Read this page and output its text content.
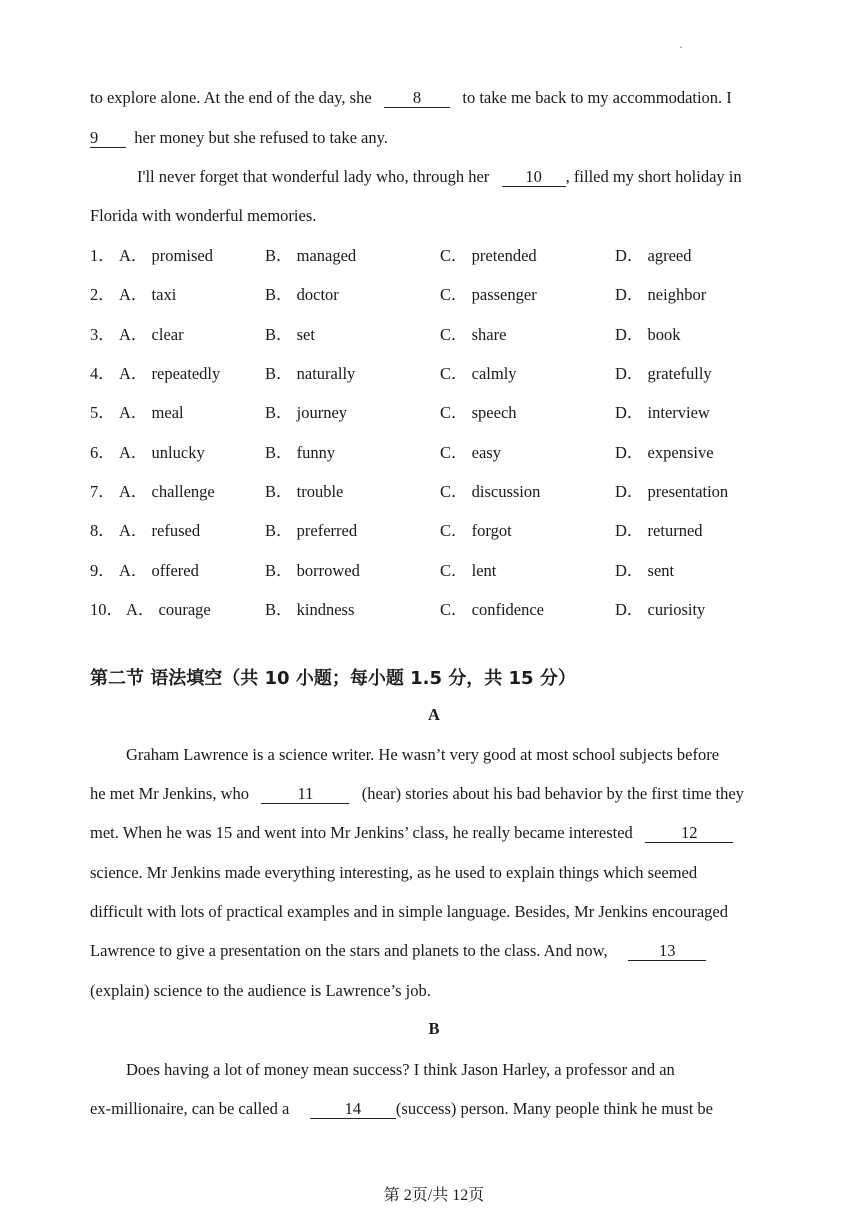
·
to explore alone. At the end of the day, she	8	to take me back to my accommodation. I
9 her money but she refused to take any.
I'll never forget that wonderful lady who, through her 10 , filled my short holiday in
Florida with wonderful memories.
1． A． promised	B． managed	C． pretended	D． agreed
2． A． taxi	B． doctor	C． passenger	D． neighbor
3． A． clear	B． set	C． share	D． book
4． A． repeatedly	B． naturally	C． calmly	D． gratefully
5． A． meal	B． journey	C． speech	D． interview
6． A． unlucky	B． funny	C． easy	D． expensive
7． A． challenge	B． trouble	C． discussion	D． presentation
8． A． refused	B． preferred	C． forgot	D． returned
9． A． offered	B． borrowed	C． lent	D． sent
10． A． courage	B． kindness	C． confidence	D． curiosity
第二节 语法填空（共 10 小题；每小题 1.5 分，共 15 分）
A
Graham Lawrence is a science writer. He wasn’t very good at most school subjects before
he met Mr Jenkins, who	11	(hear) stories about his bad behavior by the first time they
met. When he was 15 and went into Mr Jenkins’ class, he really became interested	12
science. Mr Jenkins made everything interesting, as he used to explain things which seemed
difficult with lots of practical examples and in simple language. Besides, Mr Jenkins encouraged
Lawrence to give a presentation on the stars and planets to the class. And now,	13
(explain) science to the audience is Lawrence’s job.
B
Does having a lot of money mean success? I think Jason Harley, a professor and an
ex-millionaire, can be called a	14 (success) person. Many people think he must be
第 2页/共 12页
